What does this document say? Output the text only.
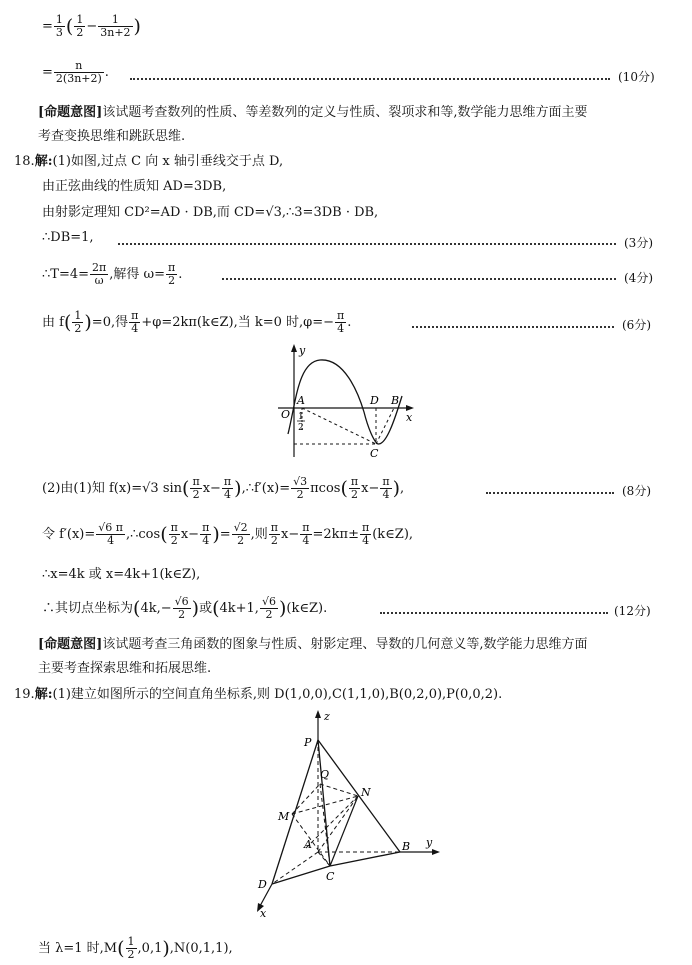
= $\frac{1}{3}$ ( $\frac{1}{2} - \frac{1}{3n+2}$ )
= $\frac{n}{2(3n+2)}$ .	(10分)
[命题意图]该试题考查数列的性质、等差数列的定义与性质、裂项求和等,数学能力思维方面主要
考查变换思维和跳跃思维.
18.解:(1)如图,过点 C 向 x 轴引垂线交于点 D,
由正弦曲线的性质知 AD=3DB,
由射影定理知 CD²=AD · DB,而 CD=√3,∴3=3DB · DB,
∴DB=1,	(3分)
∴T=4= $\frac{2\pi}{\omega}$ ,解得 $\omega= \frac{\pi}{2}$ .	(4分)
由 $f( \frac{1}{2} )=0$,得 $\frac{\pi}{4}$ +φ=2kπ(k∈Z),当 k=0 时$,\varphi=- \frac{\pi}{4}$ .	(6分)
y
x
O
A	D B
C
1
2
(2)由(1)知 f(x)=√3 $\sin( \frac{\pi}{2} x- \frac{\pi}{4}$ ),∴f′(x)= $\frac{√3}{2} \pi\cos( \frac{\pi}{2} x- \frac{\pi}{4}$ ),	(8分)
令 $f'(x)= \frac{√6 \pi}{4}$ ,∴cos( $\frac{\pi}{2} x- \frac{\pi}{4}$ )= $\frac{√2}{2}$ ,则 $\frac{\pi}{2} x- \frac{\pi}{4} =2k\pi\pm \frac{\pi}{4}$ (k∈Z),
∴x=4k 或 x=4k+1(k∈Z),
∴其切点坐标为($4k,- \frac{√6}{2}$ )或(4k+1, $\frac{√6}{2}$ )(k∈Z).	(12分)
[命题意图]该试题考查三角函数的图象与性质、射影定理、导数的几何意义等,数学能力思维方面
主要考查探索思维和拓展思维.
19.解:(1)建立如图所示的空间直角坐标系,则 D(1,0,0),C(1,1,0),B(0,2,0),P(0,0,2).
z
P
Q
N
M
A	B y
D
C
x
当 λ=1 时$,M( \frac{1}{2} ,0,1),N(0,1,1)$,
